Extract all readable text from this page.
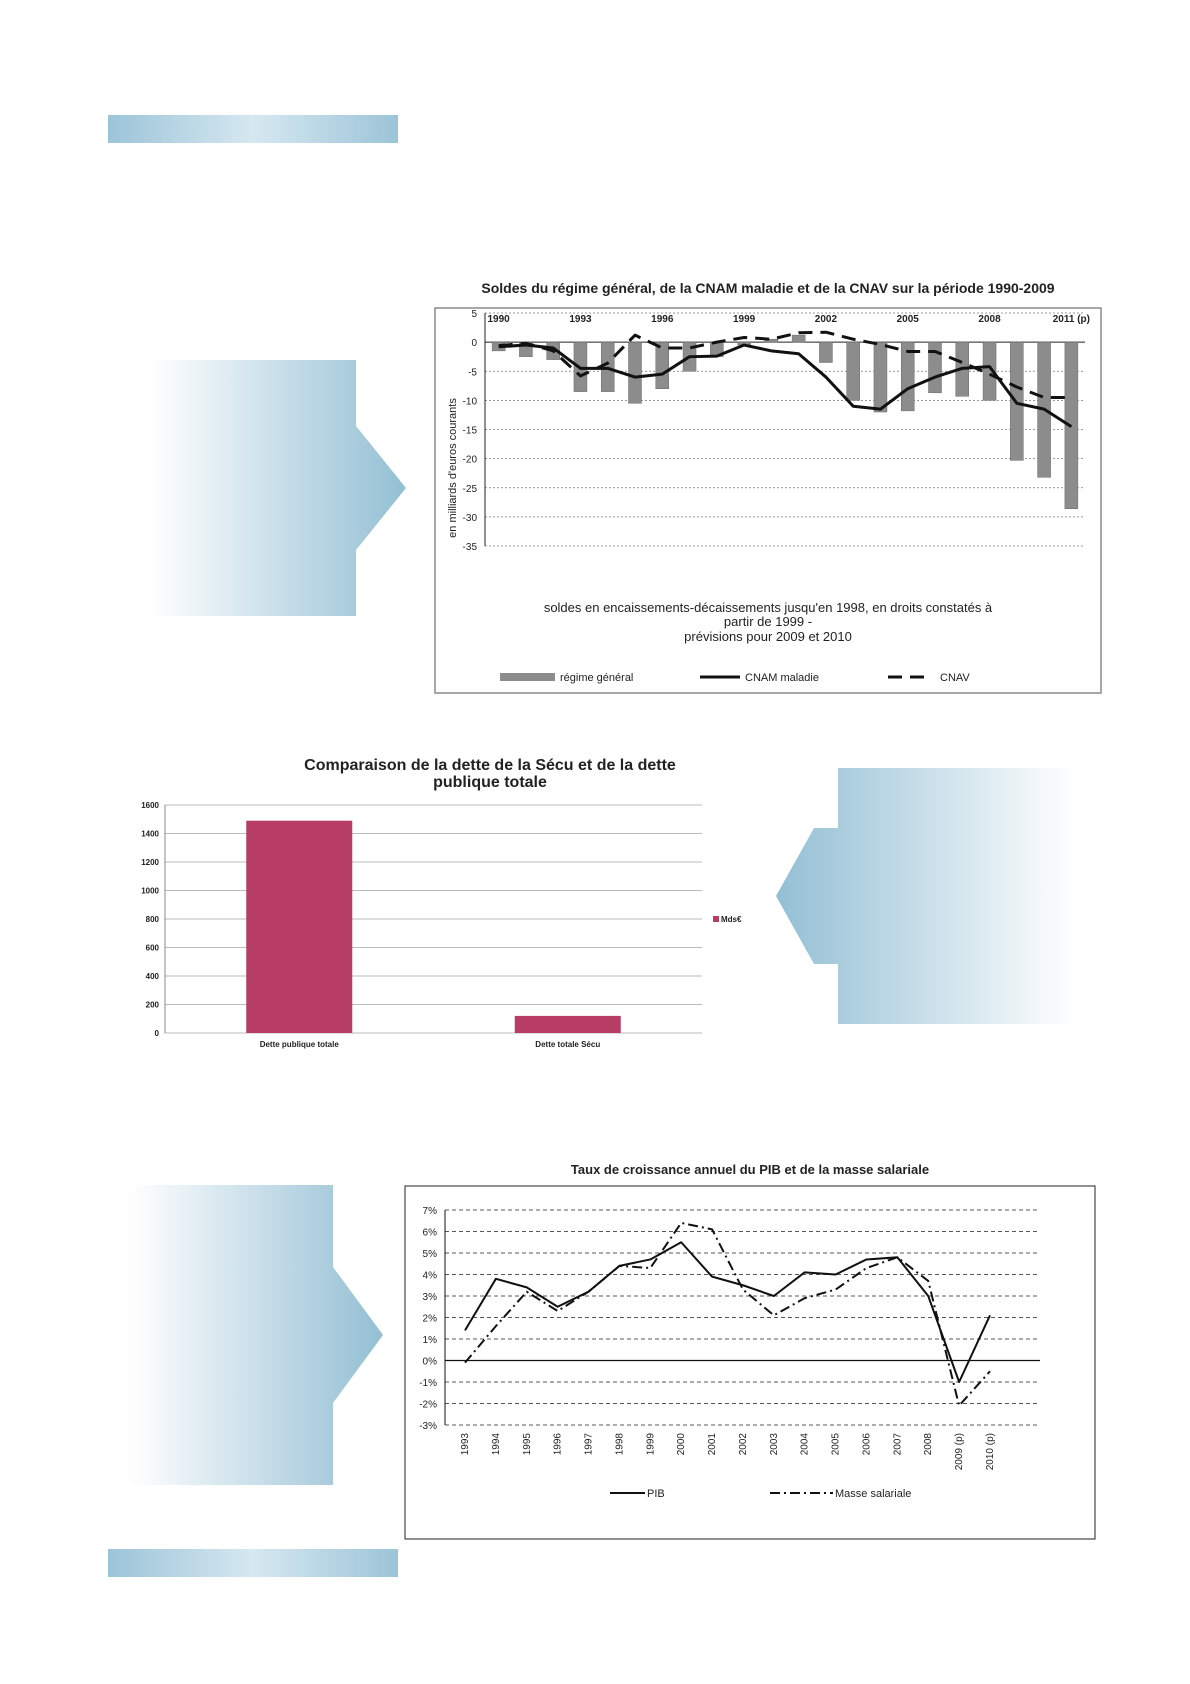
Soldes du régime général, de la CNAM maladie et de la CNAV sur la période 1990-2009
1990	1993	1996	1999	2002	2005	2008	2011 (p)
5
0
-5
-10
-15
-20
-25
-30
-35
en milliards d'euros courants
soldes en encaissements-décaissements jusqu'en 1998, en droits constatés à
partir de 1999 -
prévisions pour 2009 et 2010
régime général	CNAM maladie	CNAV
Comparaison de la dette de la Sécu et de la dette
publique totale
1600
1400
1200
1000
800
600
400
200
0
Dette publique totale	Dette totale Sécu
Mds€
Taux de croissance annuel du PIB et de la masse salariale
7%
6%
5%
4%
3%
2%
1%
0%
-1%
-2%
-3%
1993 1994 1995 1996 1997 1998 1999 2000 2001 2002 2003 2004 2005 2006 2007 2008 2009 (p) 2010 (p)
PIB	Masse salariale
